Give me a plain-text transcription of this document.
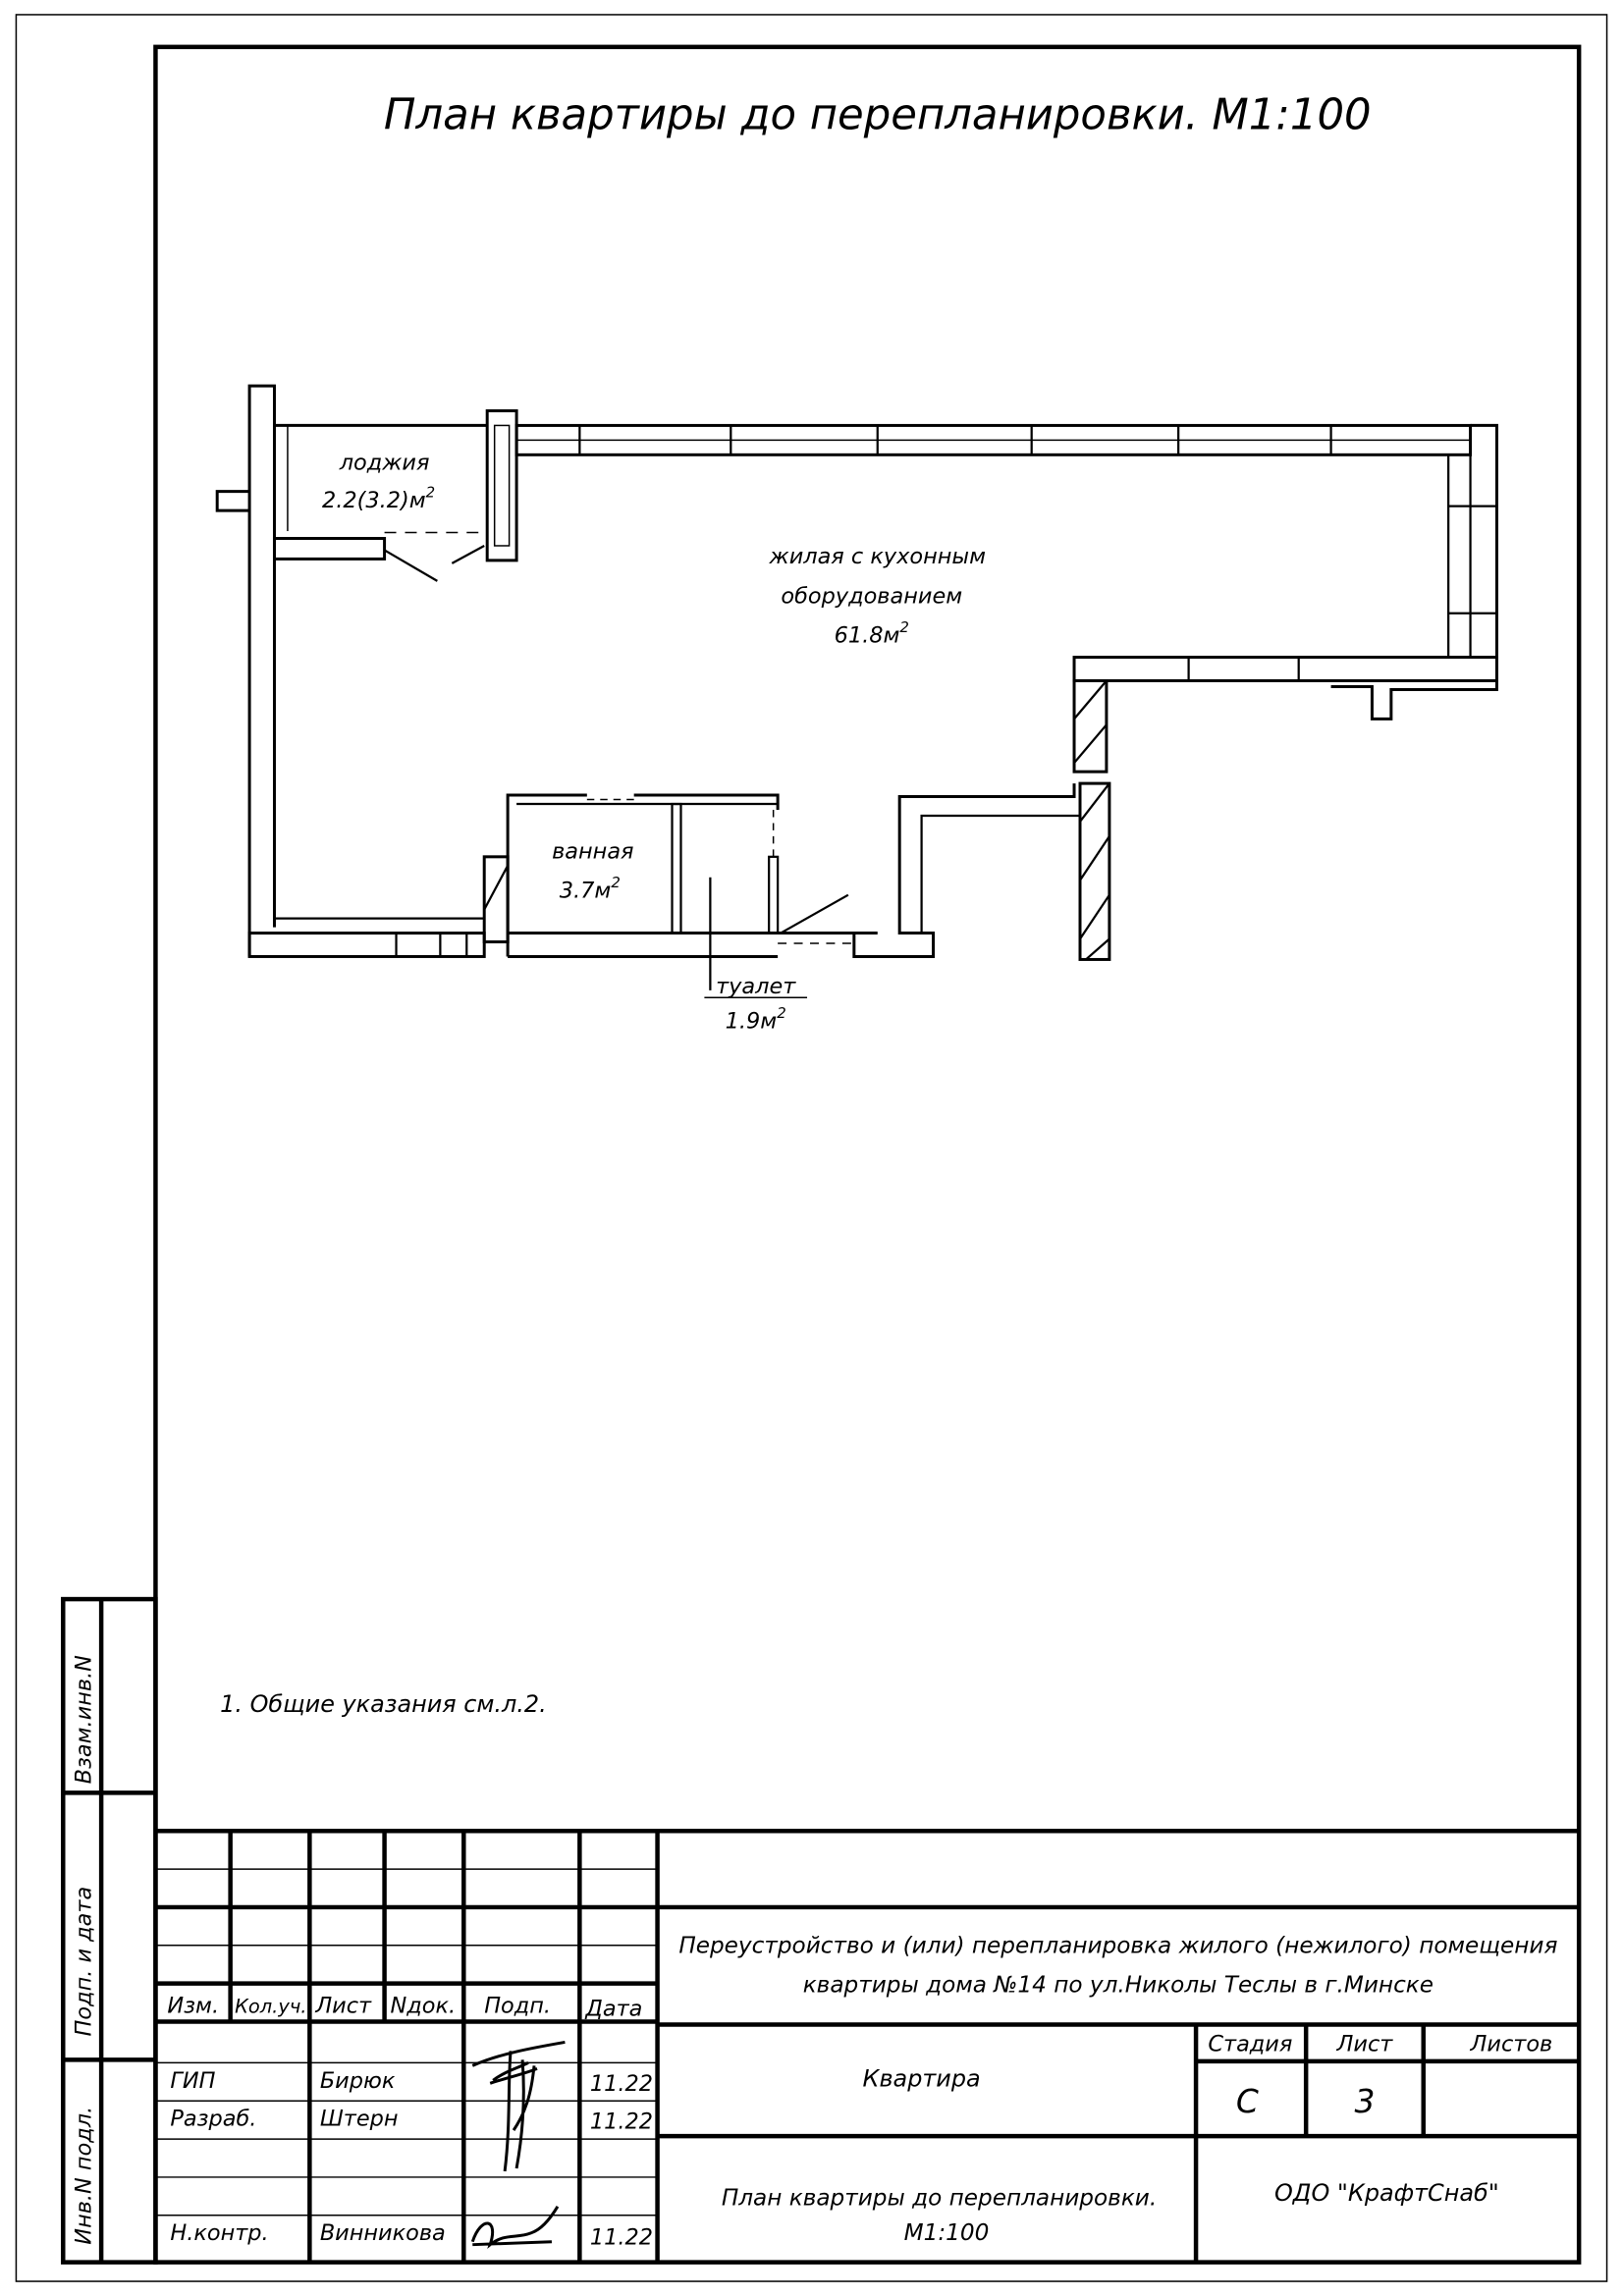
План квартиры до перепланировки. М1:100
лоджия
$2.2(3.2)м^2$
жилая с кухонным
оборудованием
$61.8м^2$
ванная
$3.7м^2$
туалет
$1.9м^2$
1. Общие указания см.л.2.
Взам.инв.N
Подп. и дата
Инв.N подл.
Изм. Кол.уч. Лист Nдок. Подп. Дата
ГИП	Бирюк	11.22
Разраб.	Штерн	11.22
Н.контр.	Винникова	11.22
Переустройство и (или) перепланировка жилого (нежилого) помещения
квартиры дома №14 по ул.Николы Теслы в г.Минске
Квартира
План квартиры до перепланировки.
М1:100
Стадия	Лист	Листов
С	3
ОДО "КрафтСнаб"
